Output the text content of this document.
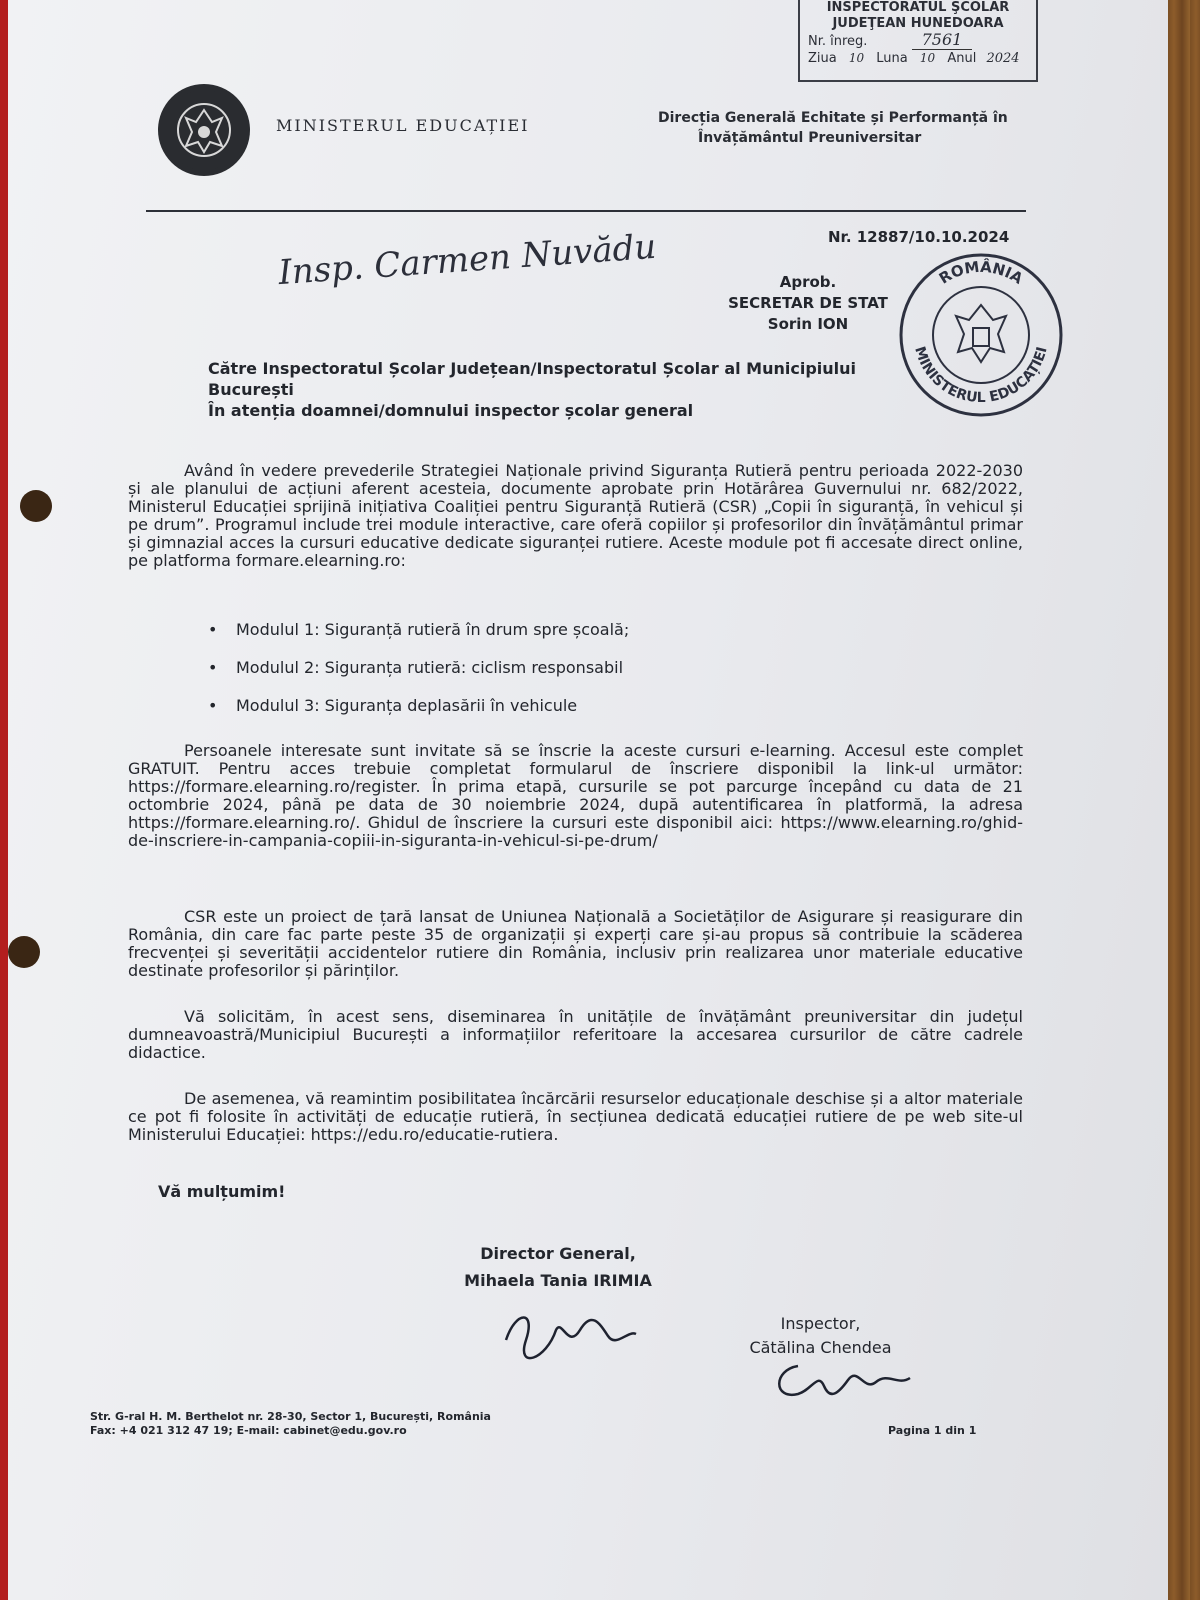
INSPECTORATUL ŞCOLAR
JUDEŢEAN HUNEDOARA
Nr. înreg.	7561
Ziua 10 Luna 10 Anul 2024
MINISTERUL EDUCAȚIEI	Direcția Generală Echitate și Performanță în
Învățământul Preuniversitar
Nr. 12887/10.10.2024
Insp. Carmen Nuvădu	Aprob.
SECRETAR DE STAT
Sorin ION
ROMÂNIA
MINISTERUL EDUCAȚIEI
Către Inspectoratul Școlar Județean/Inspectoratul Școlar al Municipiului București
În atenția doamnei/domnului inspector școlar general
Având în vedere prevederile Strategiei Naționale privind Siguranța Rutieră pentru perioada 2022-2030 și ale planului de acțiuni aferent acesteia, documente aprobate prin Hotărârea Guvernului nr. 682/2022, Ministerul Educației sprijină inițiativa Coaliției pentru Siguranță Rutieră (CSR) „Copii în siguranță, în vehicul și pe drum”. Programul include trei module interactive, care oferă copiilor și profesorilor din învățământul primar și gimnazial acces la cursuri educative dedicate siguranței rutiere. Aceste module pot fi accesate direct online, pe platforma formare.elearning.ro:
• Modulul 1: Siguranță rutieră în drum spre școală;
• Modulul 2: Siguranța rutieră: ciclism responsabil
• Modulul 3: Siguranța deplasării în vehicule
Persoanele interesate sunt invitate să se înscrie la aceste cursuri e-learning. Accesul este complet GRATUIT. Pentru acces trebuie completat formularul de înscriere disponibil la link-ul următor: https://formare.elearning.ro/register. În prima etapă, cursurile se pot parcurge începând cu data de 21 octombrie 2024, până pe data de 30 noiembrie 2024, după autentificarea în platformă, la adresa https://formare.elearning.ro/. Ghidul de înscriere la cursuri este disponibil aici: https://www.elearning.ro/ghid-de-inscriere-in-campania-copiii-in-siguranta-in-vehicul-si-pe-drum/
CSR este un proiect de țară lansat de Uniunea Națională a Societăților de Asigurare și reasigurare din România, din care fac parte peste 35 de organizații și experți care și-au propus să contribuie la scăderea frecvenței și severității accidentelor rutiere din România, inclusiv prin realizarea unor materiale educative destinate profesorilor și părinților.
Vă solicităm, în acest sens, diseminarea în unitățile de învățământ preuniversitar din județul dumneavoastră/Municipiul București a informațiilor referitoare la accesarea cursurilor de către cadrele didactice.
De asemenea, vă reamintim posibilitatea încărcării resurselor educaționale deschise și a altor materiale ce pot fi folosite în activități de educație rutieră, în secțiunea dedicată educației rutiere de pe web site-ul Ministerului Educației: https://edu.ro/educatie-rutiera.
Vă mulțumim!
Director General,
Mihaela Tania IRIMIA
Inspector,
Cătălina Chendea
Str. G-ral H. M. Berthelot nr. 28-30, Sector 1, București, România
Fax: +4 021 312 47 19; E-mail: cabinet@edu.gov.ro	Pagina 1 din 1
